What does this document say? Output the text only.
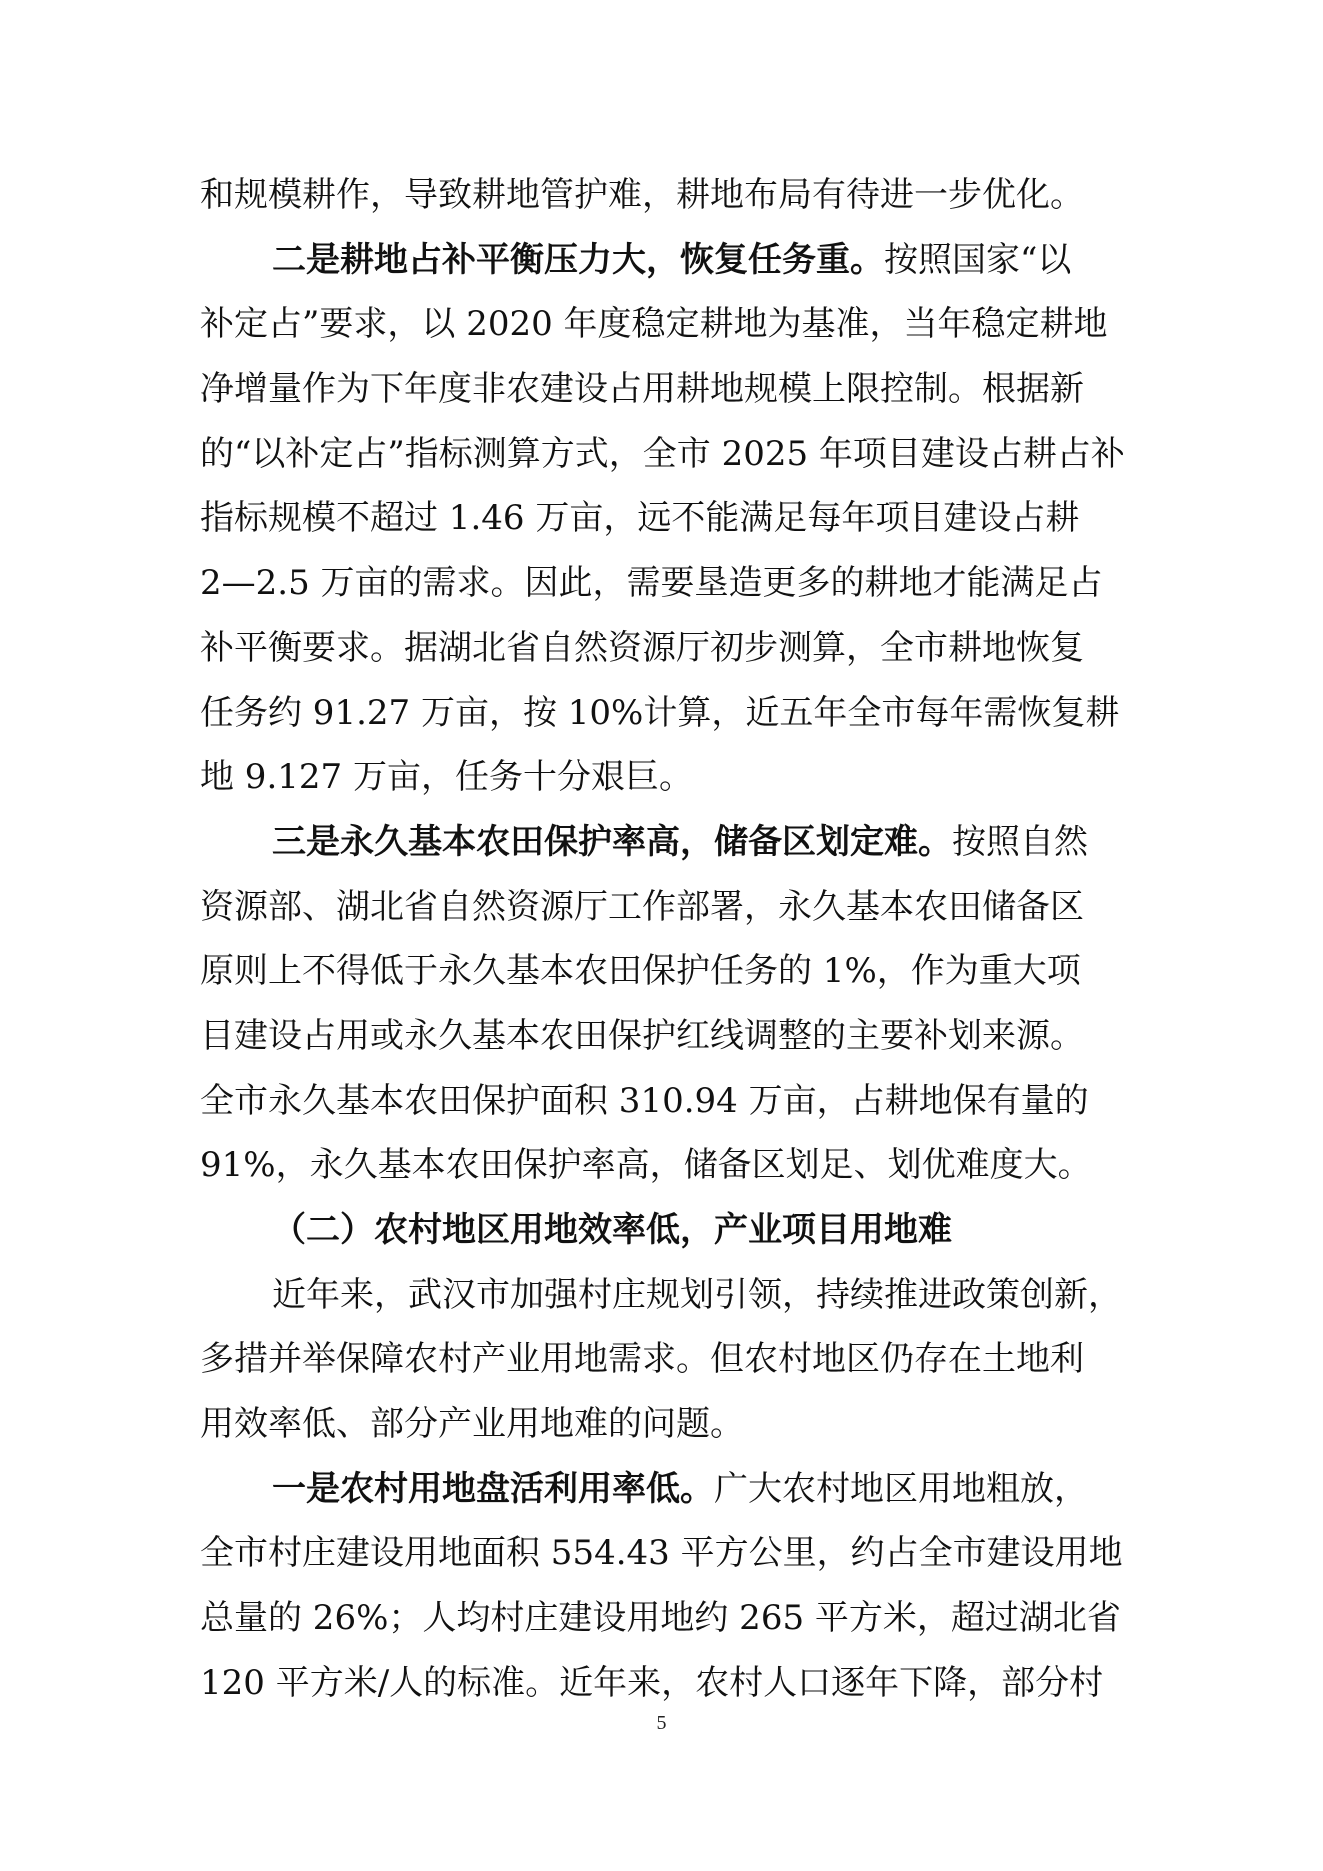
和规模耕作，导致耕地管护难，耕地布局有待进一步优化。
二是耕地占补平衡压力大，恢复任务重。按照国家“以
补定占”要求，以 2020 年度稳定耕地为基准，当年稳定耕地
净增量作为下年度非农建设占用耕地规模上限控制。根据新
的“以补定占”指标测算方式，全市 2025 年项目建设占耕占补
指标规模不超过 1.46 万亩，远不能满足每年项目建设占耕
2—2.5 万亩的需求。因此，需要垦造更多的耕地才能满足占
补平衡要求。据湖北省自然资源厅初步测算，全市耕地恢复
任务约 91.27 万亩，按 10%计算，近五年全市每年需恢复耕
地 9.127 万亩，任务十分艰巨。
三是永久基本农田保护率高，储备区划定难。按照自然
资源部、湖北省自然资源厅工作部署，永久基本农田储备区
原则上不得低于永久基本农田保护任务的 1%，作为重大项
目建设占用或永久基本农田保护红线调整的主要补划来源。
全市永久基本农田保护面积 310.94 万亩，占耕地保有量的
91%，永久基本农田保护率高，储备区划足、划优难度大。
（二）农村地区用地效率低，产业项目用地难
近年来，武汉市加强村庄规划引领，持续推进政策创新，
多措并举保障农村产业用地需求。但农村地区仍存在土地利
用效率低、部分产业用地难的问题。
一是农村用地盘活利用率低。广大农村地区用地粗放，
全市村庄建设用地面积 554.43 平方公里，约占全市建设用地
总量的 26%；人均村庄建设用地约 265 平方米，超过湖北省
120 平方米/人的标准。近年来，农村人口逐年下降，部分村
5
